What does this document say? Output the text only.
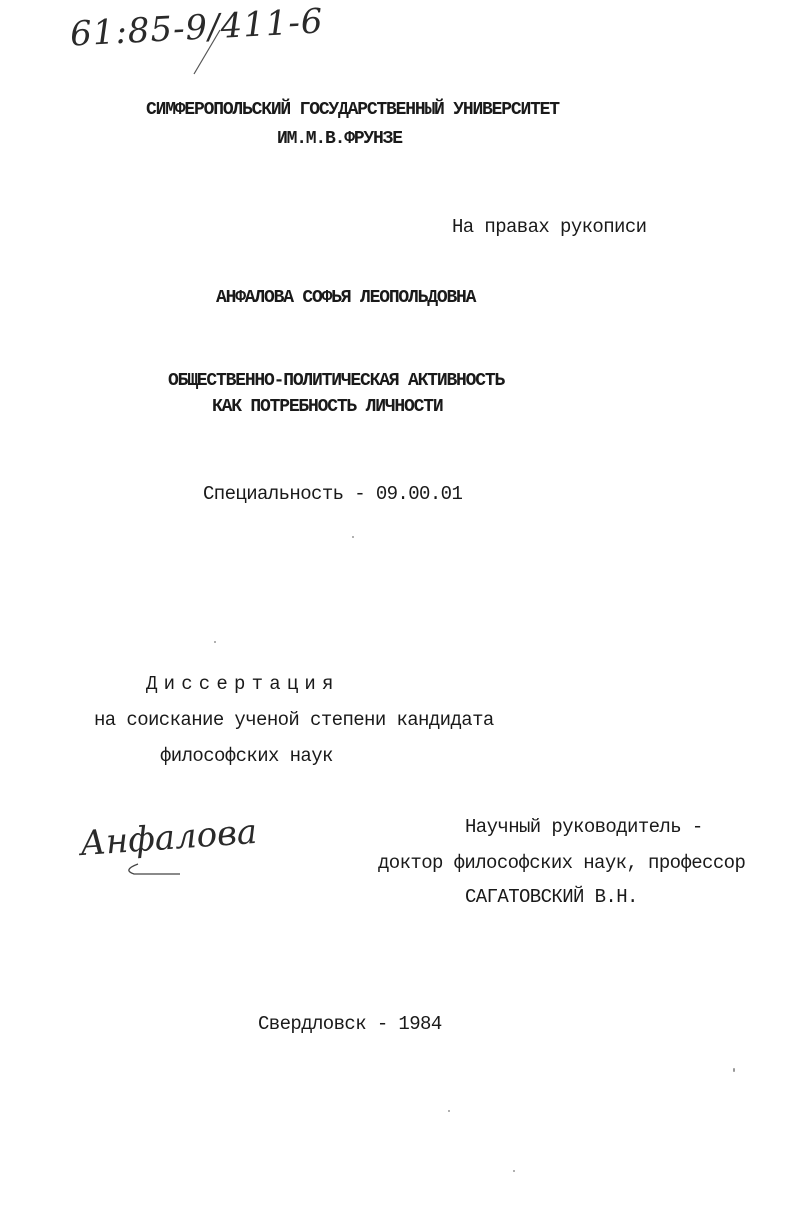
61:85-9/411-6
СИМФЕРОПОЛЬСКИЙ ГОСУДАРСТВЕННЫЙ УНИВЕРСИТЕТ
ИМ.М.В.ФРУНЗЕ
На правах рукописи
АНФАЛОВА СОФЬЯ ЛЕОПОЛЬДОВНА
ОБЩЕСТВЕННО-ПОЛИТИЧЕСКАЯ АКТИВНОСТЬ
КАК ПОТРЕБНОСТЬ ЛИЧНОСТИ
Специальность - 09.00.01
Диссертация
на соискание ученой степени кандидата
философских наук
Анфалова	Научный руководитель -
доктор философских наук, профессор
САГАТОВСКИЙ В.Н.
Свердловск - 1984
